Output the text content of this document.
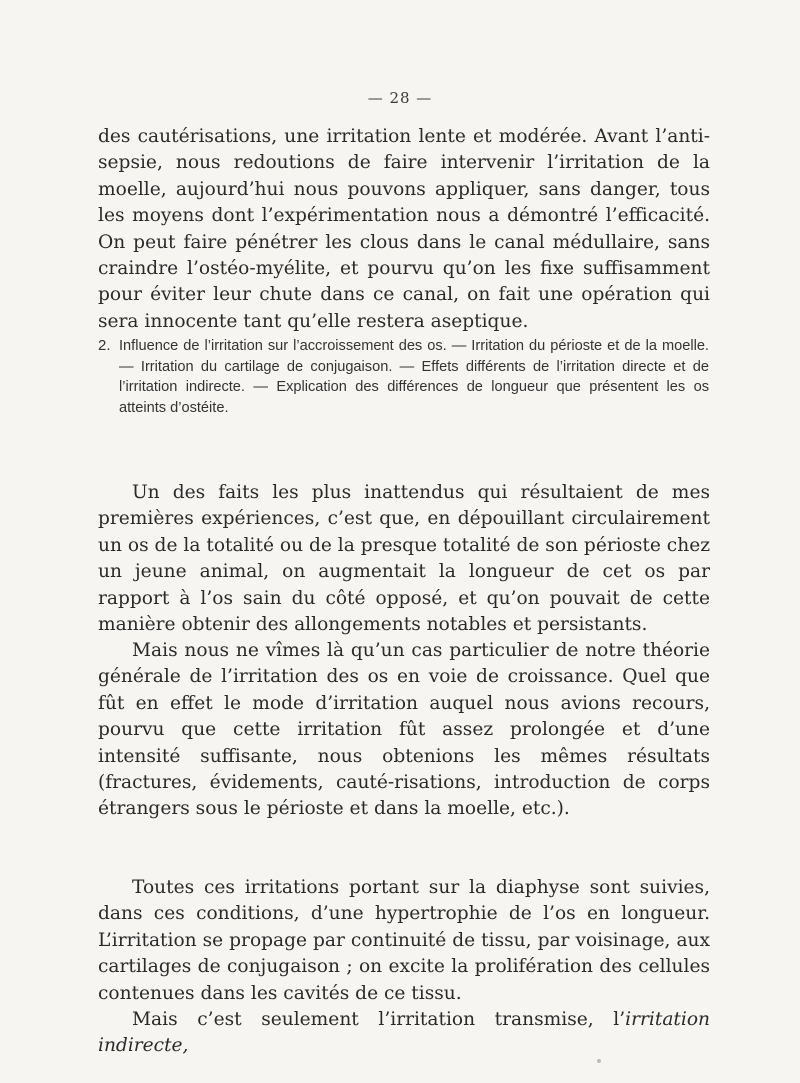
— 28 —

des cautérisations, une irritation lente et modérée. Avant l’anti-sepsie, nous redoutions de faire intervenir l’irritation de la moelle, aujourd’hui nous pouvons appliquer, sans danger, tous les moyens dont l’expérimentation nous a démontré l’efficacité. On peut faire pénétrer les clous dans le canal médullaire, sans craindre l’ostéo-myélite, et pourvu qu’on les fixe suffisamment pour éviter leur chute dans ce canal, on fait une opération qui sera innocente tant qu’elle restera aseptique.

2. Influence de l’irritation sur l’accroissement des os. — Irritation du périoste et de la moelle. — Irritation du cartilage de conjugaison. — Effets différents de l’irritation directe et de l’irritation indirecte. — Explication des différences de longueur que présentent les os atteints d’ostéite.

Un des faits les plus inattendus qui résultaient de mes premières expériences, c’est que, en dépouillant circulairement un os de la totalité ou de la presque totalité de son périoste chez un jeune animal, on augmentait la longueur de cet os par rapport à l’os sain du côté opposé, et qu’on pouvait de cette manière obtenir des allongements notables et persistants.

Mais nous ne vîmes là qu’un cas particulier de notre théorie générale de l’irritation des os en voie de croissance. Quel que fût en effet le mode d’irritation auquel nous avions recours, pourvu que cette irritation fût assez prolongée et d’une intensité suffisante, nous obtenions les mêmes résultats (fractures, évidements, cauté-risations, introduction de corps étrangers sous le périoste et dans la moelle, etc.).

Toutes ces irritations portant sur la diaphyse sont suivies, dans ces conditions, d’une hypertrophie de l’os en longueur. L’irritation se propage par continuité de tissu, par voisinage, aux cartilages de conjugaison ; on excite la prolifération des cellules contenues dans les cavités de ce tissu.

Mais c’est seulement l’irritation transmise, l’irritation indirecte,
